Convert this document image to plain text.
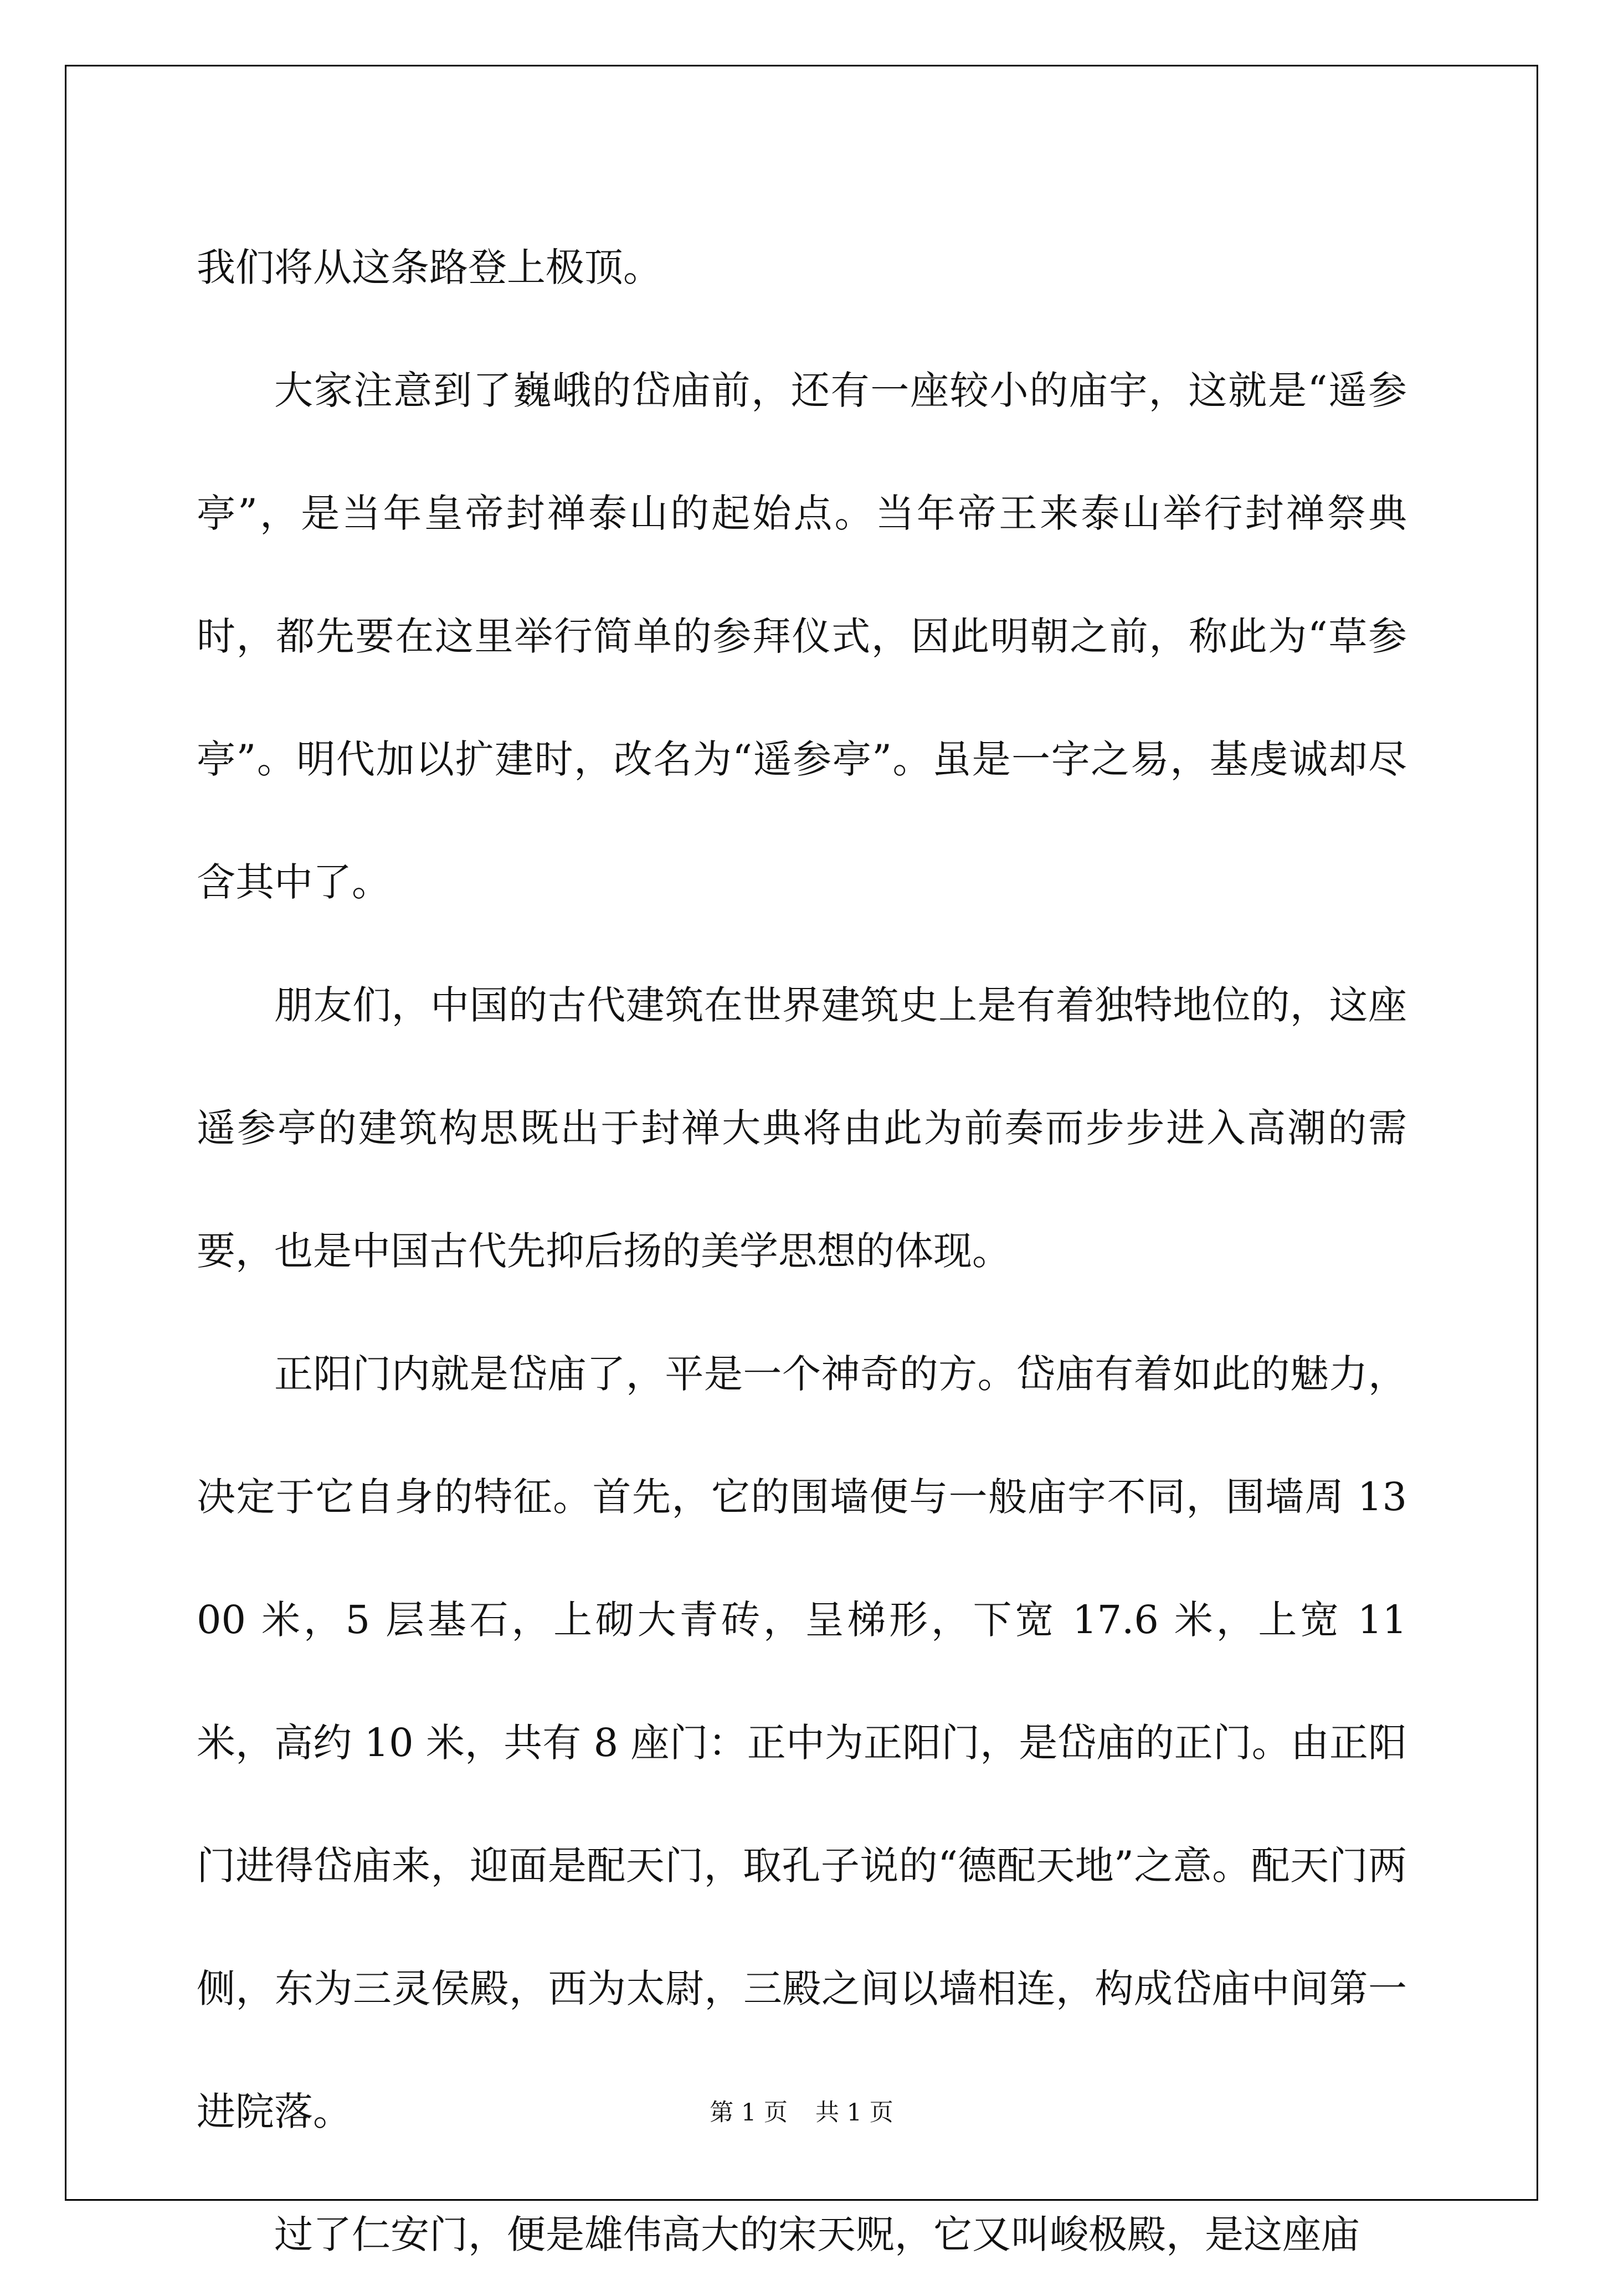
我们将从这条路登上极顶。

大家注意到了巍峨的岱庙前，还有一座较小的庙宇，这就是“遥参亭”，是当年皇帝封禅泰山的起始点。当年帝王来泰山举行封禅祭典时，都先要在这里举行简单的参拜仪式，因此明朝之前，称此为“草参亭”。明代加以扩建时，改名为“遥参亭”。虽是一字之易，基虔诚却尽含其中了。

朋友们，中国的古代建筑在世界建筑史上是有着独特地位的，这座遥参亭的建筑构思既出于封禅大典将由此为前奏而步步进入高潮的需要，也是中国古代先抑后扬的美学思想的体现。

正阳门内就是岱庙了，平是一个神奇的方。岱庙有着如此的魅力，决定于它自身的特征。首先，它的围墙便与一般庙宇不同，围墙周 1300 米，5 层基石，上砌大青砖，呈梯形，下宽 17.6 米，上宽 11 米，高约 10 米，共有 8 座门：正中为正阳门，是岱庙的正门。由正阳门进得岱庙来，迎面是配天门，取孔子说的“德配天地”之意。配天门两侧，东为三灵侯殿，西为太尉，三殿之间以墙相连，构成岱庙中间第一进院落。

过了仁安门，便是雄伟高大的宋天贶，它又叫峻极殿，是这座庙

第 1 页 共 1 页
